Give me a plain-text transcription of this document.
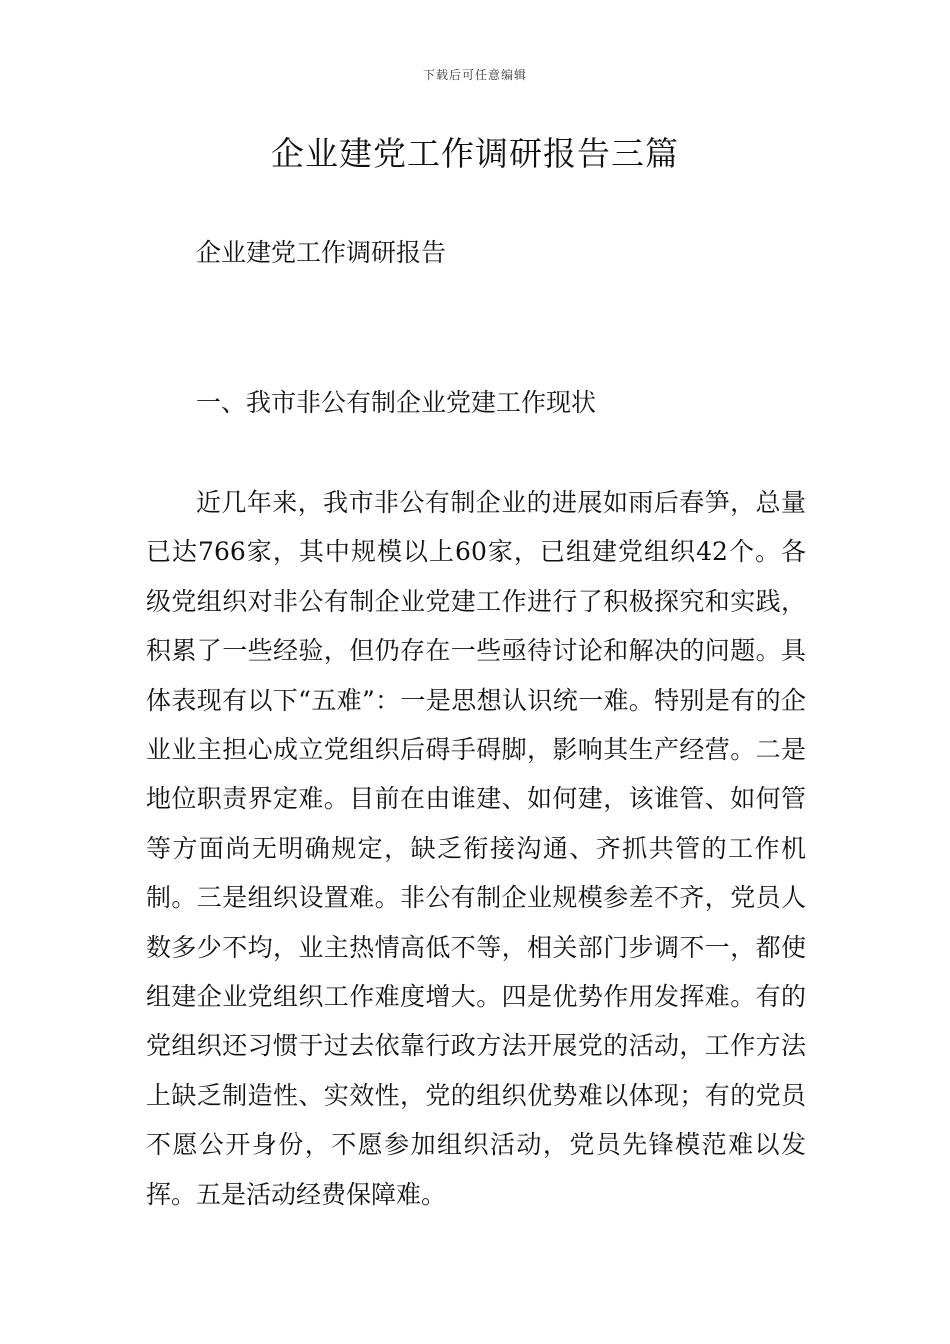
下载后可任意编辑
企业建党工作调研报告三篇
企业建党工作调研报告
一、我市非公有制企业党建工作现状

近几年来，我市非公有制企业的进展如雨后春笋，总量已达766家，其中规模以上60家，已组建党组织42个。各级党组织对非公有制企业党建工作进行了积极探究和实践，积累了一些经验，但仍存在一些亟待讨论和解决的问题。具体表现有以下“五难”：一是思想认识统一难。特别是有的企业业主担心成立党组织后碍手碍脚，影响其生产经营。二是地位职责界定难。目前在由谁建、如何建，该谁管、如何管等方面尚无明确规定，缺乏衔接沟通、齐抓共管的工作机制。三是组织设置难。非公有制企业规模参差不齐，党员人数多少不均，业主热情高低不等，相关部门步调不一，都使组建企业党组织工作难度增大。四是优势作用发挥难。有的党组织还习惯于过去依靠行政方法开展党的活动，工作方法上缺乏制造性、实效性，党的组织优势难以体现；有的党员不愿公开身份，不愿参加组织活动，党员先锋模范难以发挥。五是活动经费保障难。
